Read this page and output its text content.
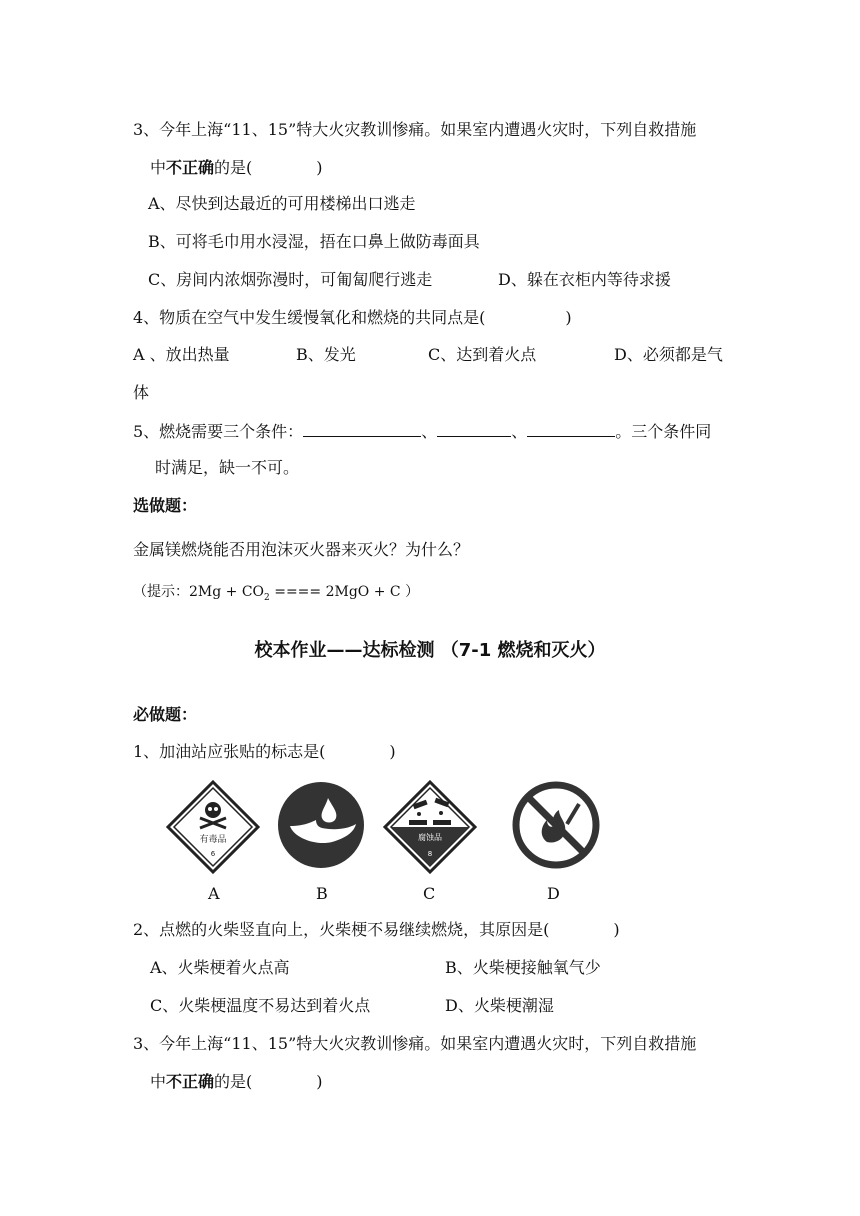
3、今年上海“11、15”特大火灾教训惨痛。如果室内遭遇火灾时，下列自救措施
中不正确的是(　　　　)
A、尽快到达最近的可用楼梯出口逃走
B、可将毛巾用水浸湿，捂在口鼻上做防毒面具
C、房间内浓烟弥漫时，可匍匐爬行逃走	D、躲在衣柜内等待求援
4、物质在空气中发生缓慢氧化和燃烧的共同点是(　　　　　)
A 、放出热量	B、发光	C、达到着火点	D、必须都是气
体
5、燃烧需要三个条件：	、	、	。三个条件同
时满足，缺一不可。
选做题：
金属镁燃烧能否用泡沫灭火器来灭火？为什么？
（提示：$2Mg + CO_2$ ==== 2MgO + C ）
校本作业——达标检测 （7-1 燃烧和灭火）
必做题：
1、加油站应张贴的标志是(　　　　)
有毒品
6
腐蚀品
8
A	B	C	D
2、点燃的火柴竖直向上，火柴梗不易继续燃烧，其原因是(　　　　)
A、火柴梗着火点高	B、火柴梗接触氧气少
C、火柴梗温度不易达到着火点	D、火柴梗潮湿
3、今年上海“11、15”特大火灾教训惨痛。如果室内遭遇火灾时，下列自救措施
中不正确的是(　　　　)
